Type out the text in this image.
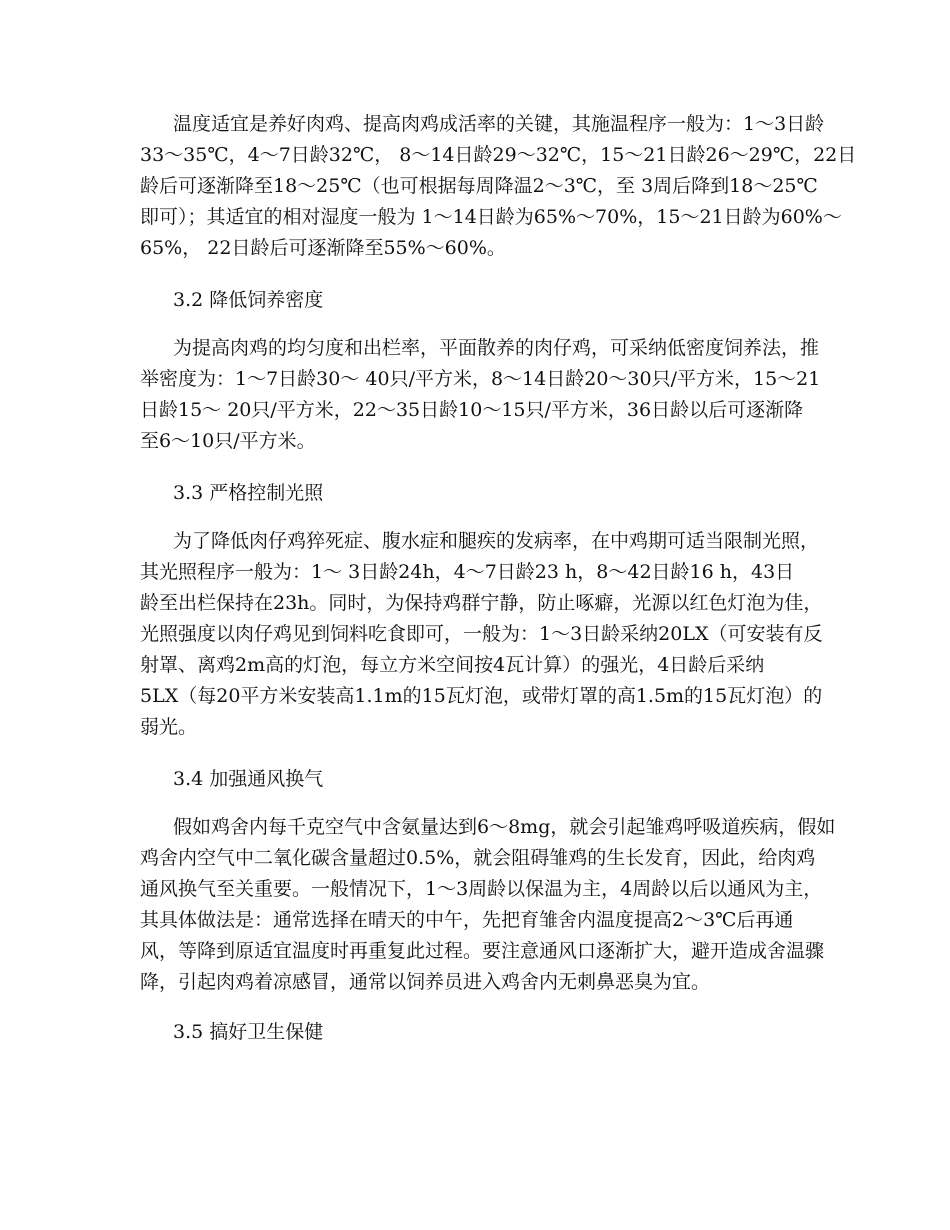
温度适宜是养好肉鸡、提高肉鸡成活率的关键，其施温程序一般为：1～3日龄
33～35℃，4～7日龄32℃， 8～14日龄29～32℃，15～21日龄26～29℃，22日
龄后可逐渐降至18～25℃（也可根据每周降温2～3℃，至 3周后降到18～25℃
即可）；其适宜的相对湿度一般为 1～14日龄为65%～70%，15～21日龄为60%～
65%， 22日龄后可逐渐降至55%～60%。
3.2 降低饲养密度
为提高肉鸡的均匀度和出栏率，平面散养的肉仔鸡，可采纳低密度饲养法，推
举密度为：1～7日龄30～ 40只/平方米，8～14日龄20～30只/平方米，15～21
日龄15～ 20只/平方米，22～35日龄10～15只/平方米，36日龄以后可逐渐降
至6～10只/平方米。
3.3 严格控制光照
为了降低肉仔鸡猝死症、腹水症和腿疾的发病率，在中鸡期可适当限制光照，
其光照程序一般为：1～ 3日龄24h，4～7日龄23 h，8～42日龄16 h，43日
龄至出栏保持在23h。同时，为保持鸡群宁静，防止啄癖，光源以红色灯泡为佳，
光照强度以肉仔鸡见到饲料吃食即可，一般为：1～3日龄采纳20LX（可安装有反
射罩、离鸡2m高的灯泡，每立方米空间按4瓦计算）的强光，4日龄后采纳
5LX（每20平方米安装高1.1m的15瓦灯泡，或带灯罩的高1.5m的15瓦灯泡）的
弱光。
3.4 加强通风换气
假如鸡舍内每千克空气中含氨量达到6～8mg，就会引起雏鸡呼吸道疾病，假如
鸡舍内空气中二氧化碳含量超过0.5%，就会阻碍雏鸡的生长发育，因此，给肉鸡
通风换气至关重要。一般情况下，1～3周龄以保温为主，4周龄以后以通风为主，
其具体做法是：通常选择在晴天的中午，先把育雏舍内温度提高2～3℃后再通
风，等降到原适宜温度时再重复此过程。要注意通风口逐渐扩大，避开造成舍温骤
降，引起肉鸡着凉感冒，通常以饲养员进入鸡舍内无刺鼻恶臭为宜。
3.5 搞好卫生保健
